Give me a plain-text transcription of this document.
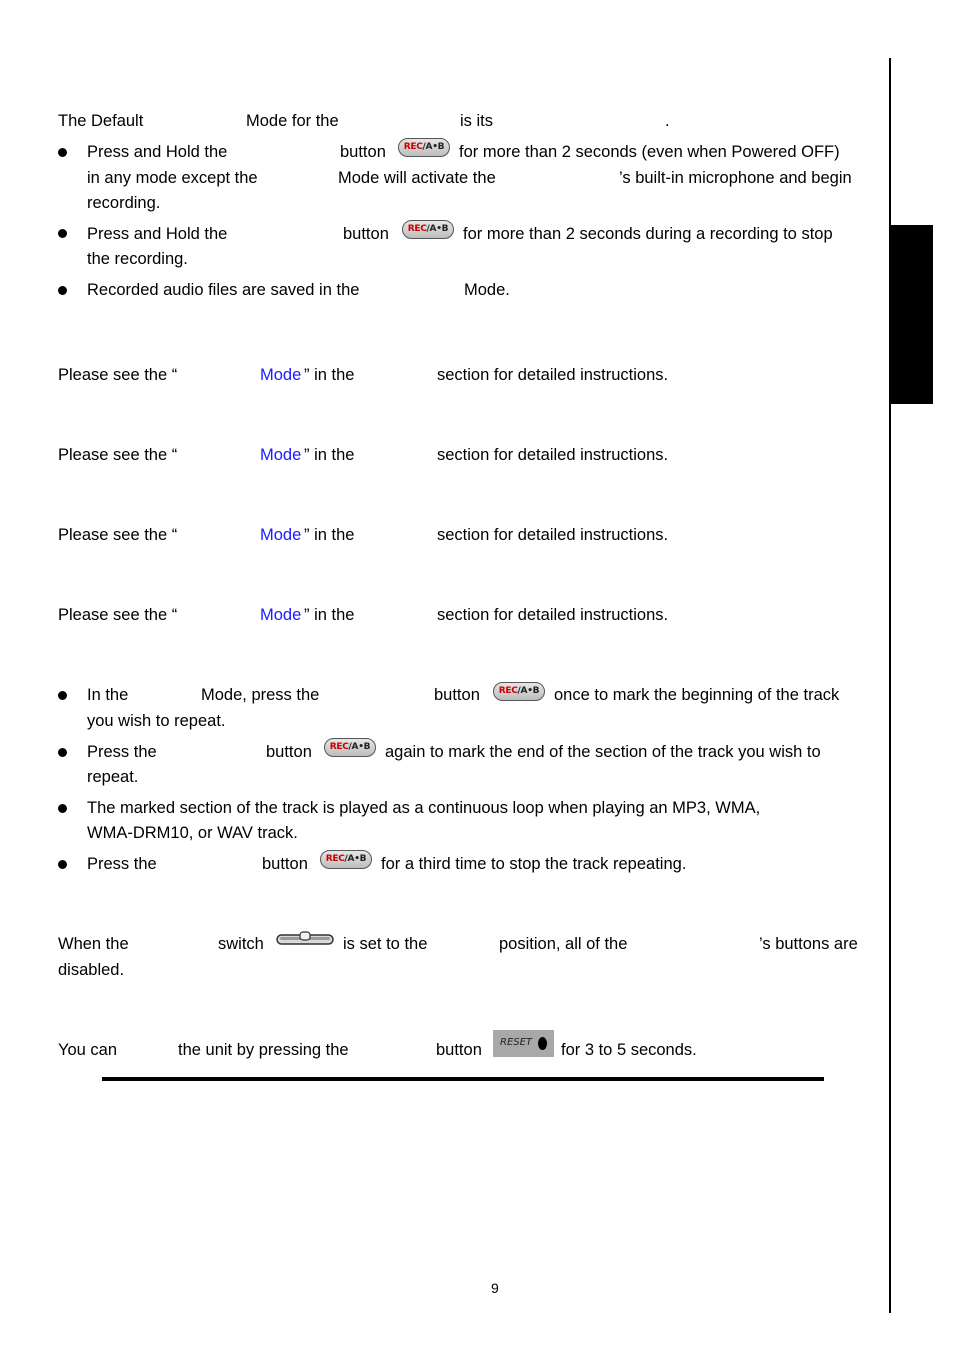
The Default	Mode for the	is its	.
Press and Hold the	button	REC/A•B for more than 2 seconds (even when Powered OFF)
in any mode except the	Mode will activate the	’s built-in microphone and begin
recording.
Press and Hold the	button	REC/A•B for more than 2 seconds during a recording to stop
the recording.
Recorded audio files are saved in the	Mode.
Please see the “	Mode ” in the	section for detailed instructions.
Please see the “	Mode ” in the	section for detailed instructions.
Please see the “	Mode ” in the	section for detailed instructions.
Please see the “	Mode ” in the	section for detailed instructions.
In the	Mode, press the	button	REC/A•B once to mark the beginning of the track
you wish to repeat.
Press the	button	REC/A•B again to mark the end of the section of the track you wish to
repeat.
The marked section of the track is played as a continuous loop when playing an MP3, WMA,
WMA-DRM10, or WAV track.
Press the	button	REC/A•B for a third time to stop the track repeating.
When the	switch	is set to the	position, all of the	’s buttons are
disabled.
You can	the unit by pressing the	button RESET for 3 to 5 seconds.
9
